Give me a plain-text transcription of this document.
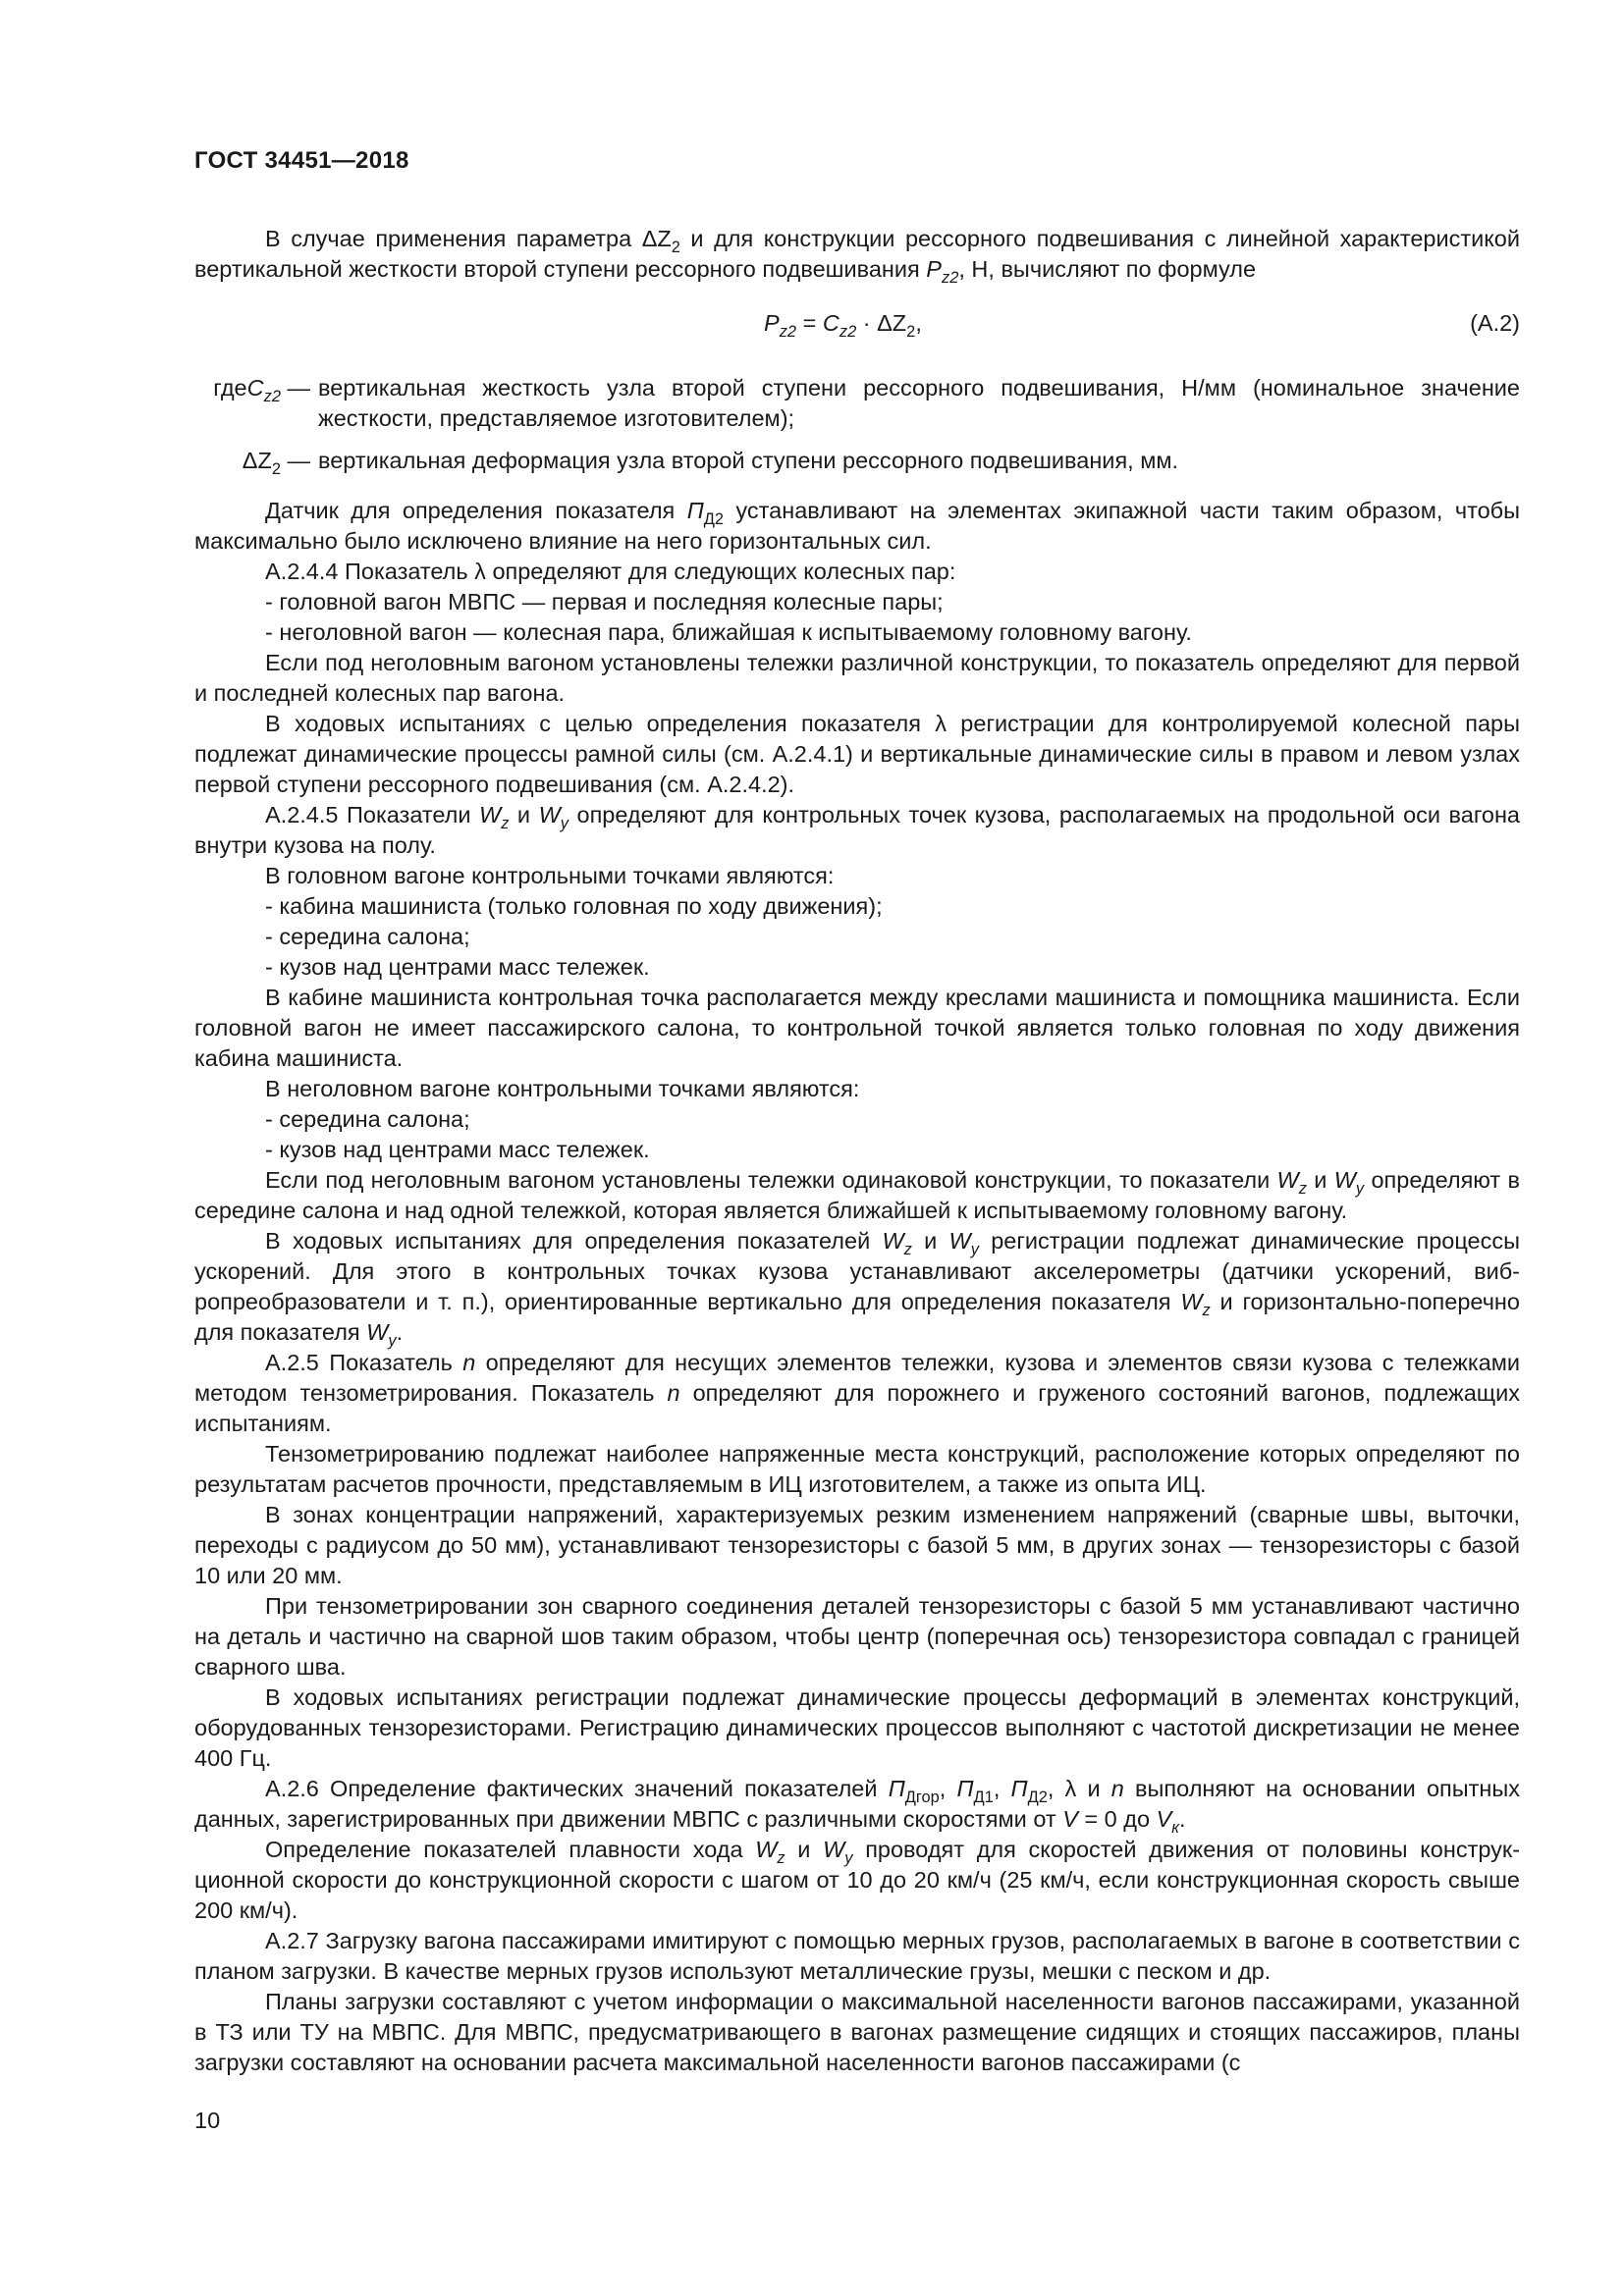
ГОСТ 34451—2018

В случае применения параметра $\Delta Z_2$ и для конструкции рессорного подвешивания с линейной характеристикой вертикальной жесткости второй ступени рессорного подвешивания $P_{z2}$, Н, вычисляют по формуле

$P_{z2} = C_{z2} \cdot \Delta Z_2$,	(А.2)
гдеC$_{z2}$ — вертикальная жесткость узла второй ступени рессорного подвешивания, Н/мм (номинальное значение жесткости, представляемое изготовителем);
$\Delta Z_2$ — вертикальная деформация узла второй ступени рессорного подвешивания, мм.

Датчик для определения показателя $П_{Д2}$ устанавливают на элементах экипажной части таким образом, чтобы максимально было исключено влияние на него горизонтальных сил.

А.2.4.4 Показатель λ определяют для следующих колесных пар:

- головной вагон МВПС — первая и последняя колесные пары;

- неголовной вагон — колесная пара, ближайшая к испытываемому головному вагону.

Если под неголовным вагоном установлены тележки различной конструкции, то показатель определяют для первой и последней колесных пар вагона.

В ходовых испытаниях с целью определения показателя λ регистрации для контролируемой колесной пары подлежат динамические процессы рамной силы (см. А.2.4.1) и вертикальные динамические силы в правом и левом узлах первой ступени рессорного подвешивания (см. А.2.4.2).

А.2.4.5 Показатели $W_z$ и $W_y$ определяют для контрольных точек кузова, располагаемых на продольной оси вагона внутри кузова на полу.

В головном вагоне контрольными точками являются:

- кабина машиниста (только головная по ходу движения);

- середина салона;

- кузов над центрами масс тележек.

В кабине машиниста контрольная точка располагается между креслами машиниста и помощника машиниста. Если головной вагон не имеет пассажирского салона, то контрольной точкой является только головная по ходу движения кабина машиниста.

В неголовном вагоне контрольными точками являются:

- середина салона;

- кузов над центрами масс тележек.

Если под неголовным вагоном установлены тележки одинаковой конструкции, то показатели $W_z$ и $W_y$ определяют в середине салона и над одной тележкой, которая является ближайшей к испытываемому головному вагону.

В ходовых испытаниях для определения показателей $W_z$ и $W_y$ регистрации подлежат динамические процессы ускорений. Для этого в контрольных точках кузова устанавливают акселерометры (датчики ускорений, вибропреобразователи и т. п.), ориентированные вертикально для определения показателя $W_z$ и горизонтально-поперечно для показателя $W_y$.

А.2.5 Показатель n определяют для несущих элементов тележки, кузова и элементов связи кузова с тележками методом тензометрирования. Показатель n определяют для порожнего и груженого состояний вагонов, подлежащих испытаниям.

Тензометрированию подлежат наиболее напряженные места конструкций, расположение которых определяют по результатам расчетов прочности, представляемым в ИЦ изготовителем, а также из опыта ИЦ.

В зонах концентрации напряжений, характеризуемых резким изменением напряжений (сварные швы, выточки, переходы с радиусом до 50 мм), устанавливают тензорезисторы с базой 5 мм, в других зонах — тензорезисторы с базой 10 или 20 мм.

При тензометрировании зон сварного соединения деталей тензорезисторы с базой 5 мм устанавливают частично на деталь и частично на сварной шов таким образом, чтобы центр (поперечная ось) тензорезистора совпадал с границей сварного шва.

В ходовых испытаниях регистрации подлежат динамические процессы деформаций в элементах конструкций, оборудованных тензорезисторами. Регистрацию динамических процессов выполняют с частотой дискретизации не менее 400 Гц.

А.2.6 Определение фактических значений показателей $П_{Дгор}$, $П_{Д1}$, $П_{Д2}$, λ и n выполняют на основании опытных данных, зарегистрированных при движении МВПС с различными скоростями от V = 0 до $V_к$.

Определение показателей плавности хода $W_z$ и $W_y$ проводят для скоростей движения от половины конструкционной скорости до конструкционной скорости с шагом от 10 до 20 км/ч (25 км/ч, если конструкционная скорость свыше 200 км/ч).

А.2.7 Загрузку вагона пассажирами имитируют с помощью мерных грузов, располагаемых в вагоне в соответствии с планом загрузки. В качестве мерных грузов используют металлические грузы, мешки с песком и др.

Планы загрузки составляют с учетом информации о максимальной населенности вагонов пассажирами, указанной в ТЗ или ТУ на МВПС. Для МВПС, предусматривающего в вагонах размещение сидящих и стоящих пассажиров, планы загрузки составляют на основании расчета максимальной населенности вагонов пассажирами (с

10
